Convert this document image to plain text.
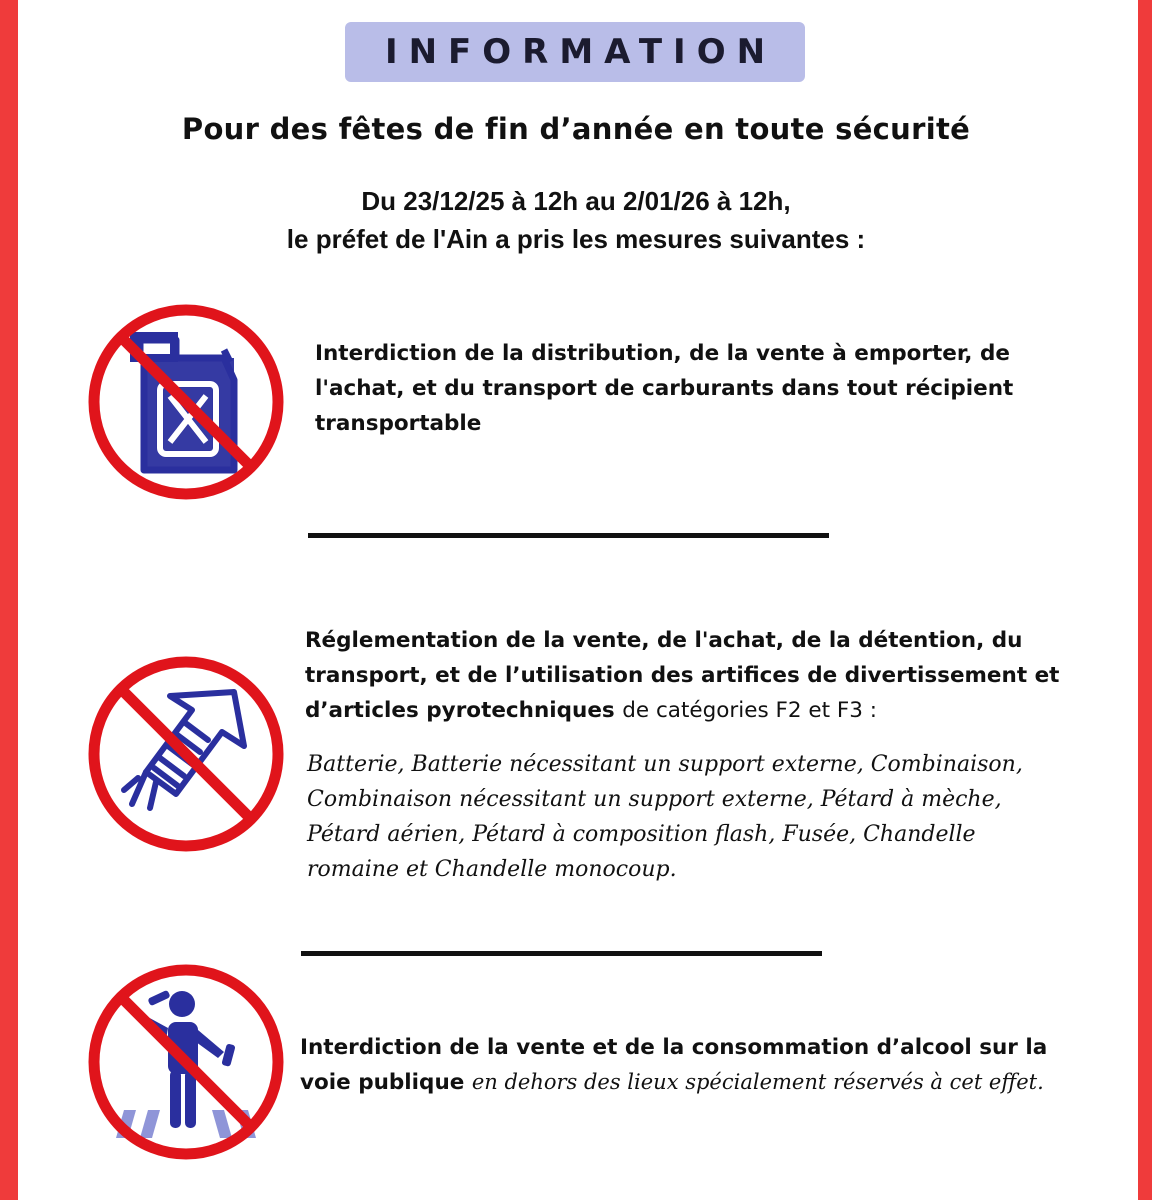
INFORMATION
Pour des fêtes de fin d’année en toute sécurité
Du 23/12/25 à 12h au 2/01/26 à 12h,
le préfet de l'Ain a pris les mesures suivantes :
Interdiction de la distribution, de la vente à emporter, de
l'achat, et du transport de carburants dans tout récipient
transportable
Réglementation de la vente, de l'achat, de la détention, du
transport, et de l’utilisation des artifices de divertissement et
d’articles pyrotechniques de catégories F2 et F3 :
Batterie, Batterie nécessitant un support externe, Combinaison,
Combinaison nécessitant un support externe, Pétard à mèche,
Pétard aérien, Pétard à composition flash, Fusée, Chandelle
romaine et Chandelle monocoup.
Interdiction de la vente et de la consommation d’alcool sur la
voie publique en dehors des lieux spécialement réservés à cet effet.
